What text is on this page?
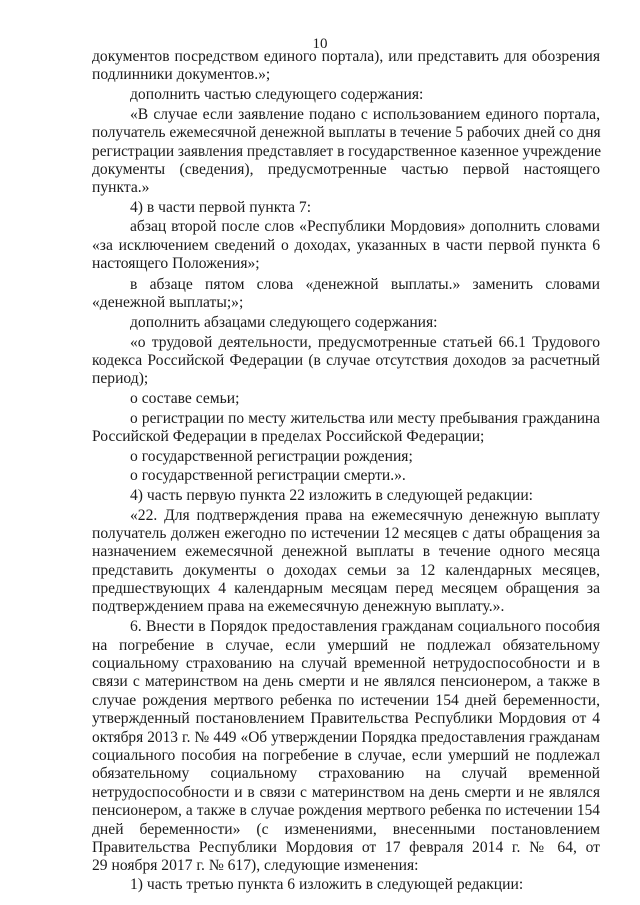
10
документов посредством единого портала), или представить для обозрения
подлинники документов.»;
дополнить частью следующего содержания:
«В случае если заявление подано с использованием единого портала,
получатель ежемесячной денежной выплаты в течение 5 рабочих дней со дня
регистрации заявления представляет в государственное казенное учреждение
документы (сведения), предусмотренные частью первой настоящего
пункта.»
4) в части первой пункта 7:
абзац второй после слов «Республики Мордовия» дополнить словами
«за исключением сведений о доходах, указанных в части первой пункта 6
настоящего Положения»;
в абзаце пятом слова «денежной выплаты.» заменить словами
«денежной выплаты;»;
дополнить абзацами следующего содержания:
«о трудовой деятельности, предусмотренные статьей 66.1 Трудового
кодекса Российской Федерации (в случае отсутствия доходов за расчетный
период);
о составе семьи;
о регистрации по месту жительства или месту пребывания гражданина
Российской Федерации в пределах Российской Федерации;
о государственной регистрации рождения;
о государственной регистрации смерти.».
4) часть первую пункта 22 изложить в следующей редакции:
«22. Для подтверждения права на ежемесячную денежную выплату
получатель должен ежегодно по истечении 12 месяцев с даты обращения за
назначением ежемесячной денежной выплаты в течение одного месяца
представить документы о доходах семьи за 12 календарных месяцев,
предшествующих 4 календарным месяцам перед месяцем обращения за
подтверждением права на ежемесячную денежную выплату.».
6. Внести в Порядок предоставления гражданам социального пособия
на погребение в случае, если умерший не подлежал обязательному
социальному страхованию на случай временной нетрудоспособности и в
связи с материнством на день смерти и не являлся пенсионером, а также в
случае рождения мертвого ребенка по истечении 154 дней беременности,
утвержденный постановлением Правительства Республики Мордовия от 4
октября 2013 г. № 449 «Об утверждении Порядка предоставления гражданам
социального пособия на погребение в случае, если умерший не подлежал
обязательному социальному страхованию на случай временной
нетрудоспособности и в связи с материнством на день смерти и не являлся
пенсионером, а также в случае рождения мертвого ребенка по истечении 154
дней беременности» (с изменениями, внесенными постановлением
Правительства Республики Мордовия от 17 февраля 2014 г. № 64, от
29 ноября 2017 г. № 617), следующие изменения:
1) часть третью пункта 6 изложить в следующей редакции:
